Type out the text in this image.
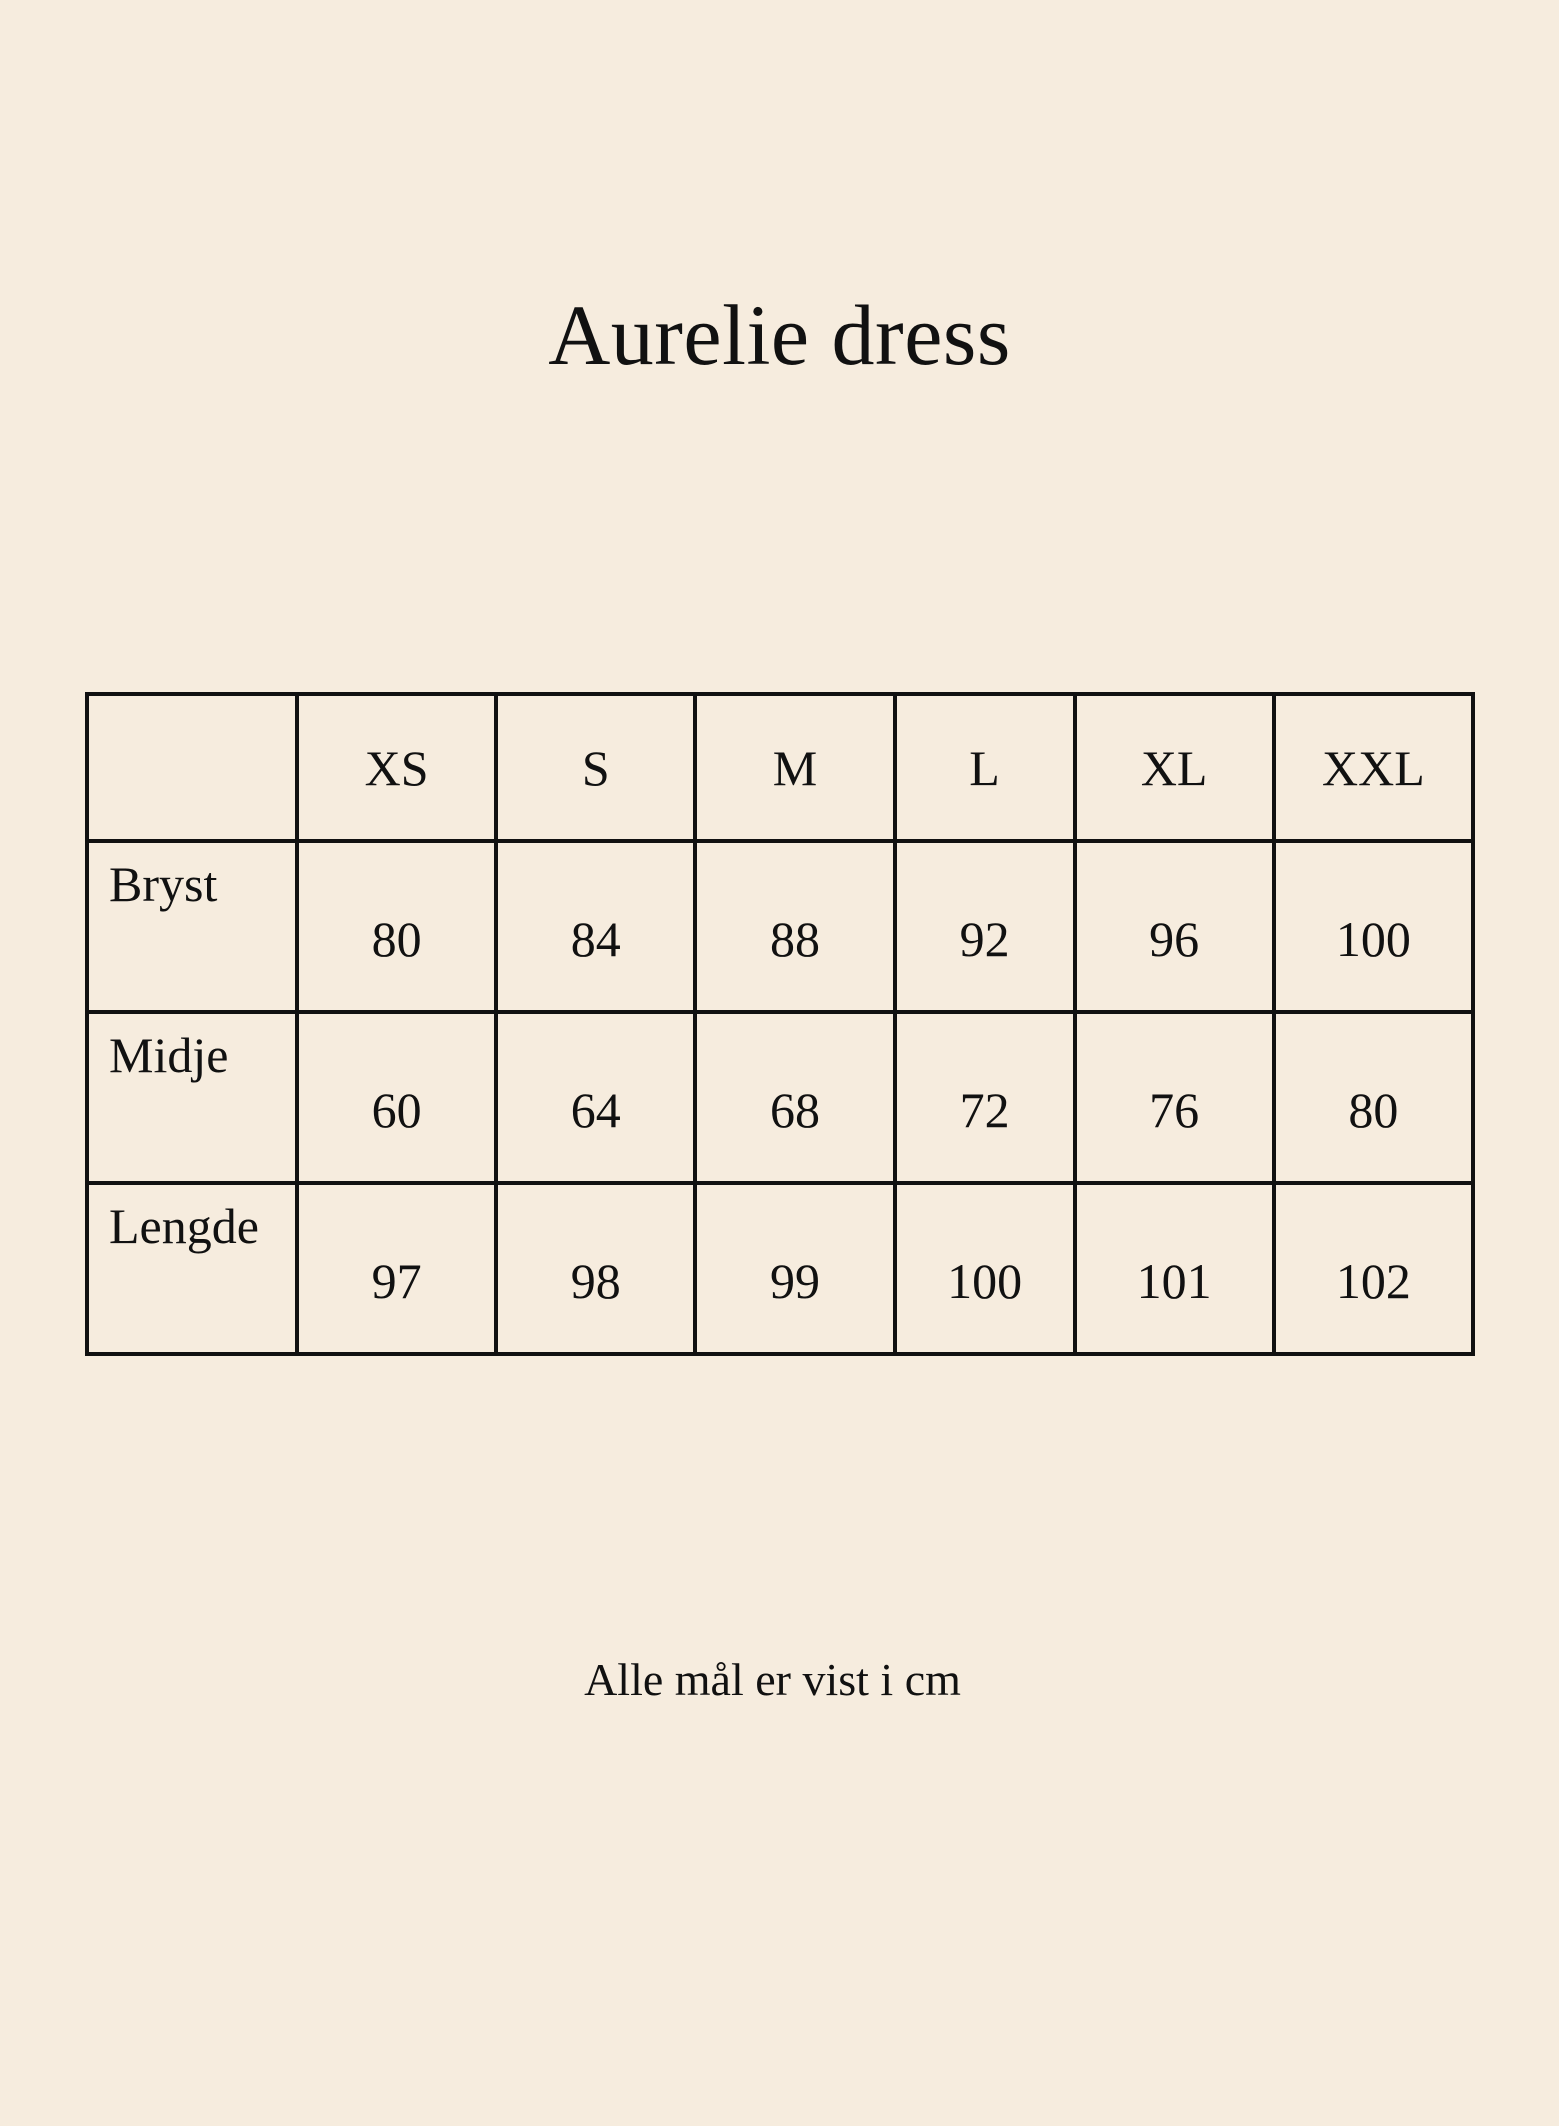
Aurelie dress
	XS	S	M	L	XL	XXL
Bryst	80	84	88	92	96	100
Midje	60	64	68	72	76	80
Lengde	97	98	99	100	101	102
Alle mål er vist i cm
